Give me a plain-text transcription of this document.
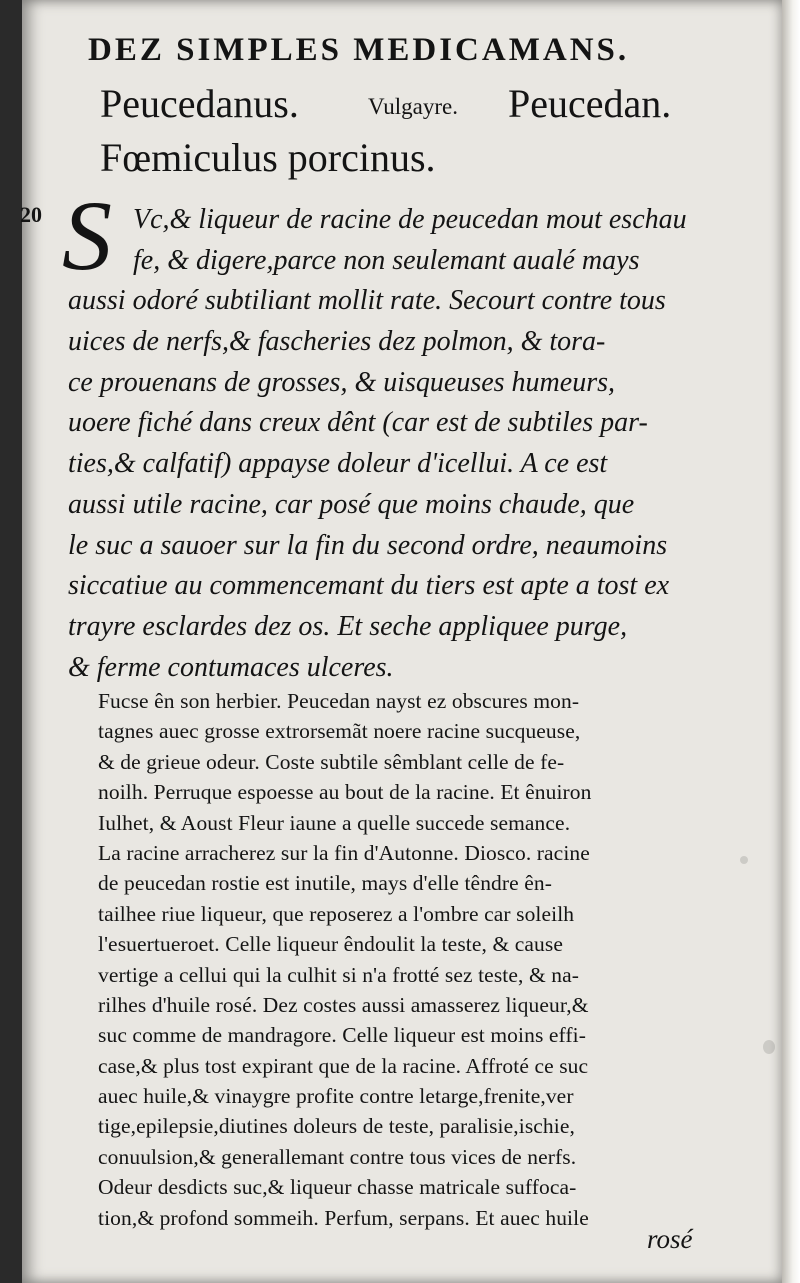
DEZ SIMPLES MEDICAMANS.
Peucedanus.	Vulgayre. Peucedan.
Fœmiculus porcinus.
20 S Vc,& liqueur de racine de peucedan mout eschau
fe, & digere,parce non seulemant aualé mays
aussi odoré subtiliant mollit rate. Secourt contre tous
uices de nerfs,& fascheries dez polmon, & tora-
ce prouenans de grosses, & uisqueuses humeurs,
uoere fiché dans creux dênt (car est de subtiles par-
ties,& calfatif) appayse doleur d'icellui. A ce est
aussi utile racine, car posé que moins chaude, que
le suc a sauoer sur la fin du second ordre, neaumoins
siccatiue au commencemant du tiers est apte a tost ex
trayre esclardes dez os. Et seche appliquee purge,
& ferme contumaces ulceres.
Fucse ên son herbier. Peucedan nayst ez obscures mon-
tagnes auec grosse extrorsemãt noere racine sucqueuse,
& de grieue odeur. Coste subtile sêmblant celle de fe-
noilh. Perruque espoesse au bout de la racine. Et ênuiron
Iulhet, & Aoust Fleur iaune a quelle succede semance.
La racine arracherez sur la fin d'Autonne. Diosco. racine
de peucedan rostie est inutile, mays d'elle têndre ên-
tailhee riue liqueur, que reposerez a l'ombre car soleilh
l'esuertueroet. Celle liqueur êndoulit la teste, & cause
vertige a cellui qui la culhit si n'a frotté sez teste, & na-
rilhes d'huile rosé. Dez costes aussi amasserez liqueur,&
suc comme de mandragore. Celle liqueur est moins effi-
case,& plus tost expirant que de la racine. Affroté ce suc
auec huile,& vinaygre profite contre letarge,frenite,ver
tige,epilepsie,diutines doleurs de teste, paralisie,ischie,
conuulsion,& generallemant contre tous vices de nerfs.
Odeur desdicts suc,& liqueur chasse matricale suffoca-
tion,& profond sommeih. Perfum, serpans. Et auec huile
rosé
